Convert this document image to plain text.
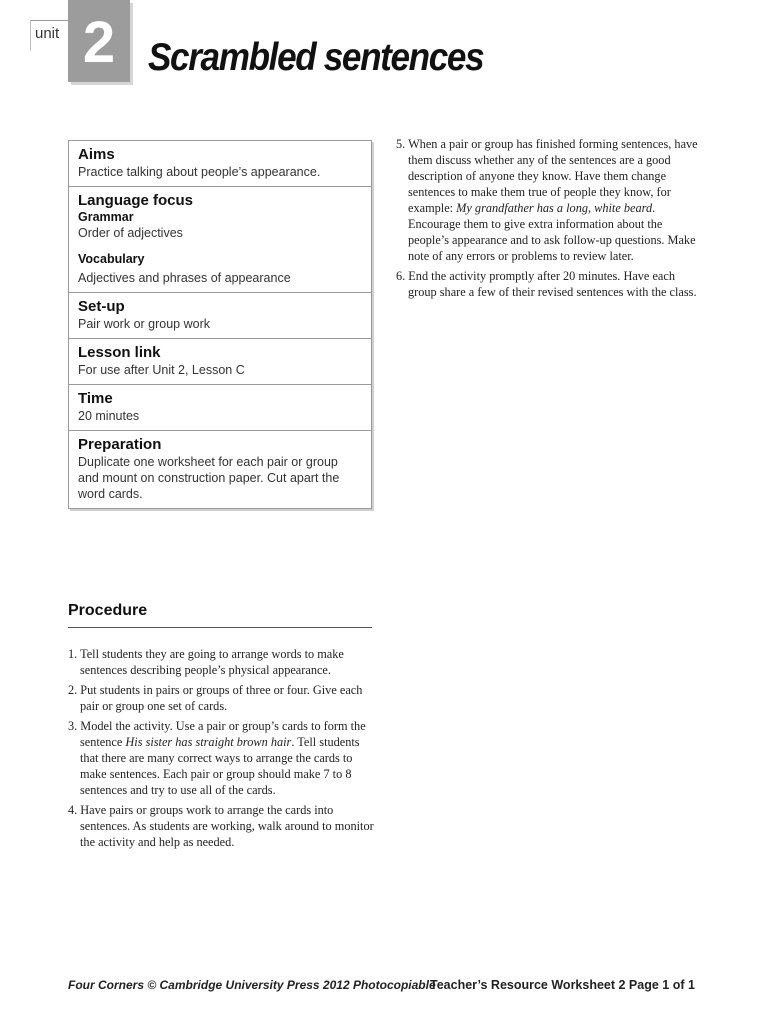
unit 2 Scrambled sentences
Aims

Practice talking about people’s appearance.

Language focus
Grammar

Order of adjectives

Vocabulary

Adjectives and phrases of appearance

Set-up

Pair work or group work

Lesson link

For use after Unit 2, Lesson C

Time

20 minutes

Preparation

Duplicate one worksheet for each pair or group and mount on construction paper. Cut apart the word cards.

Procedure
1. Tell students they are going to arrange words to make sentences describing people’s physical appearance.
2. Put students in pairs or groups of three or four. Give each pair or group one set of cards.
3. Model the activity. Use a pair or group’s cards to form the sentence His sister has straight brown hair. Tell students that there are many correct ways to arrange the cards to make sentences. Each pair or group should make 7 to 8 sentences and try to use all of the cards.
4. Have pairs or groups work to arrange the cards into sentences. As students are working, walk around to monitor the activity and help as needed.
5. When a pair or group has finished forming sentences, have them discuss whether any of the sentences are a good description of anyone they know. Have them change sentences to make them true of people they know, for example: My grandfather has a long, white beard. Encourage them to give extra information about the people’s appearance and to ask follow-up questions. Make note of any errors or problems to review later.
6. End the activity promptly after 20 minutes. Have each group share a few of their revised sentences with the class.
Four Corners © Cambridge University Press 2012 Photocopiable
Teacher’s Resource Worksheet 2 Page 1 of 1
